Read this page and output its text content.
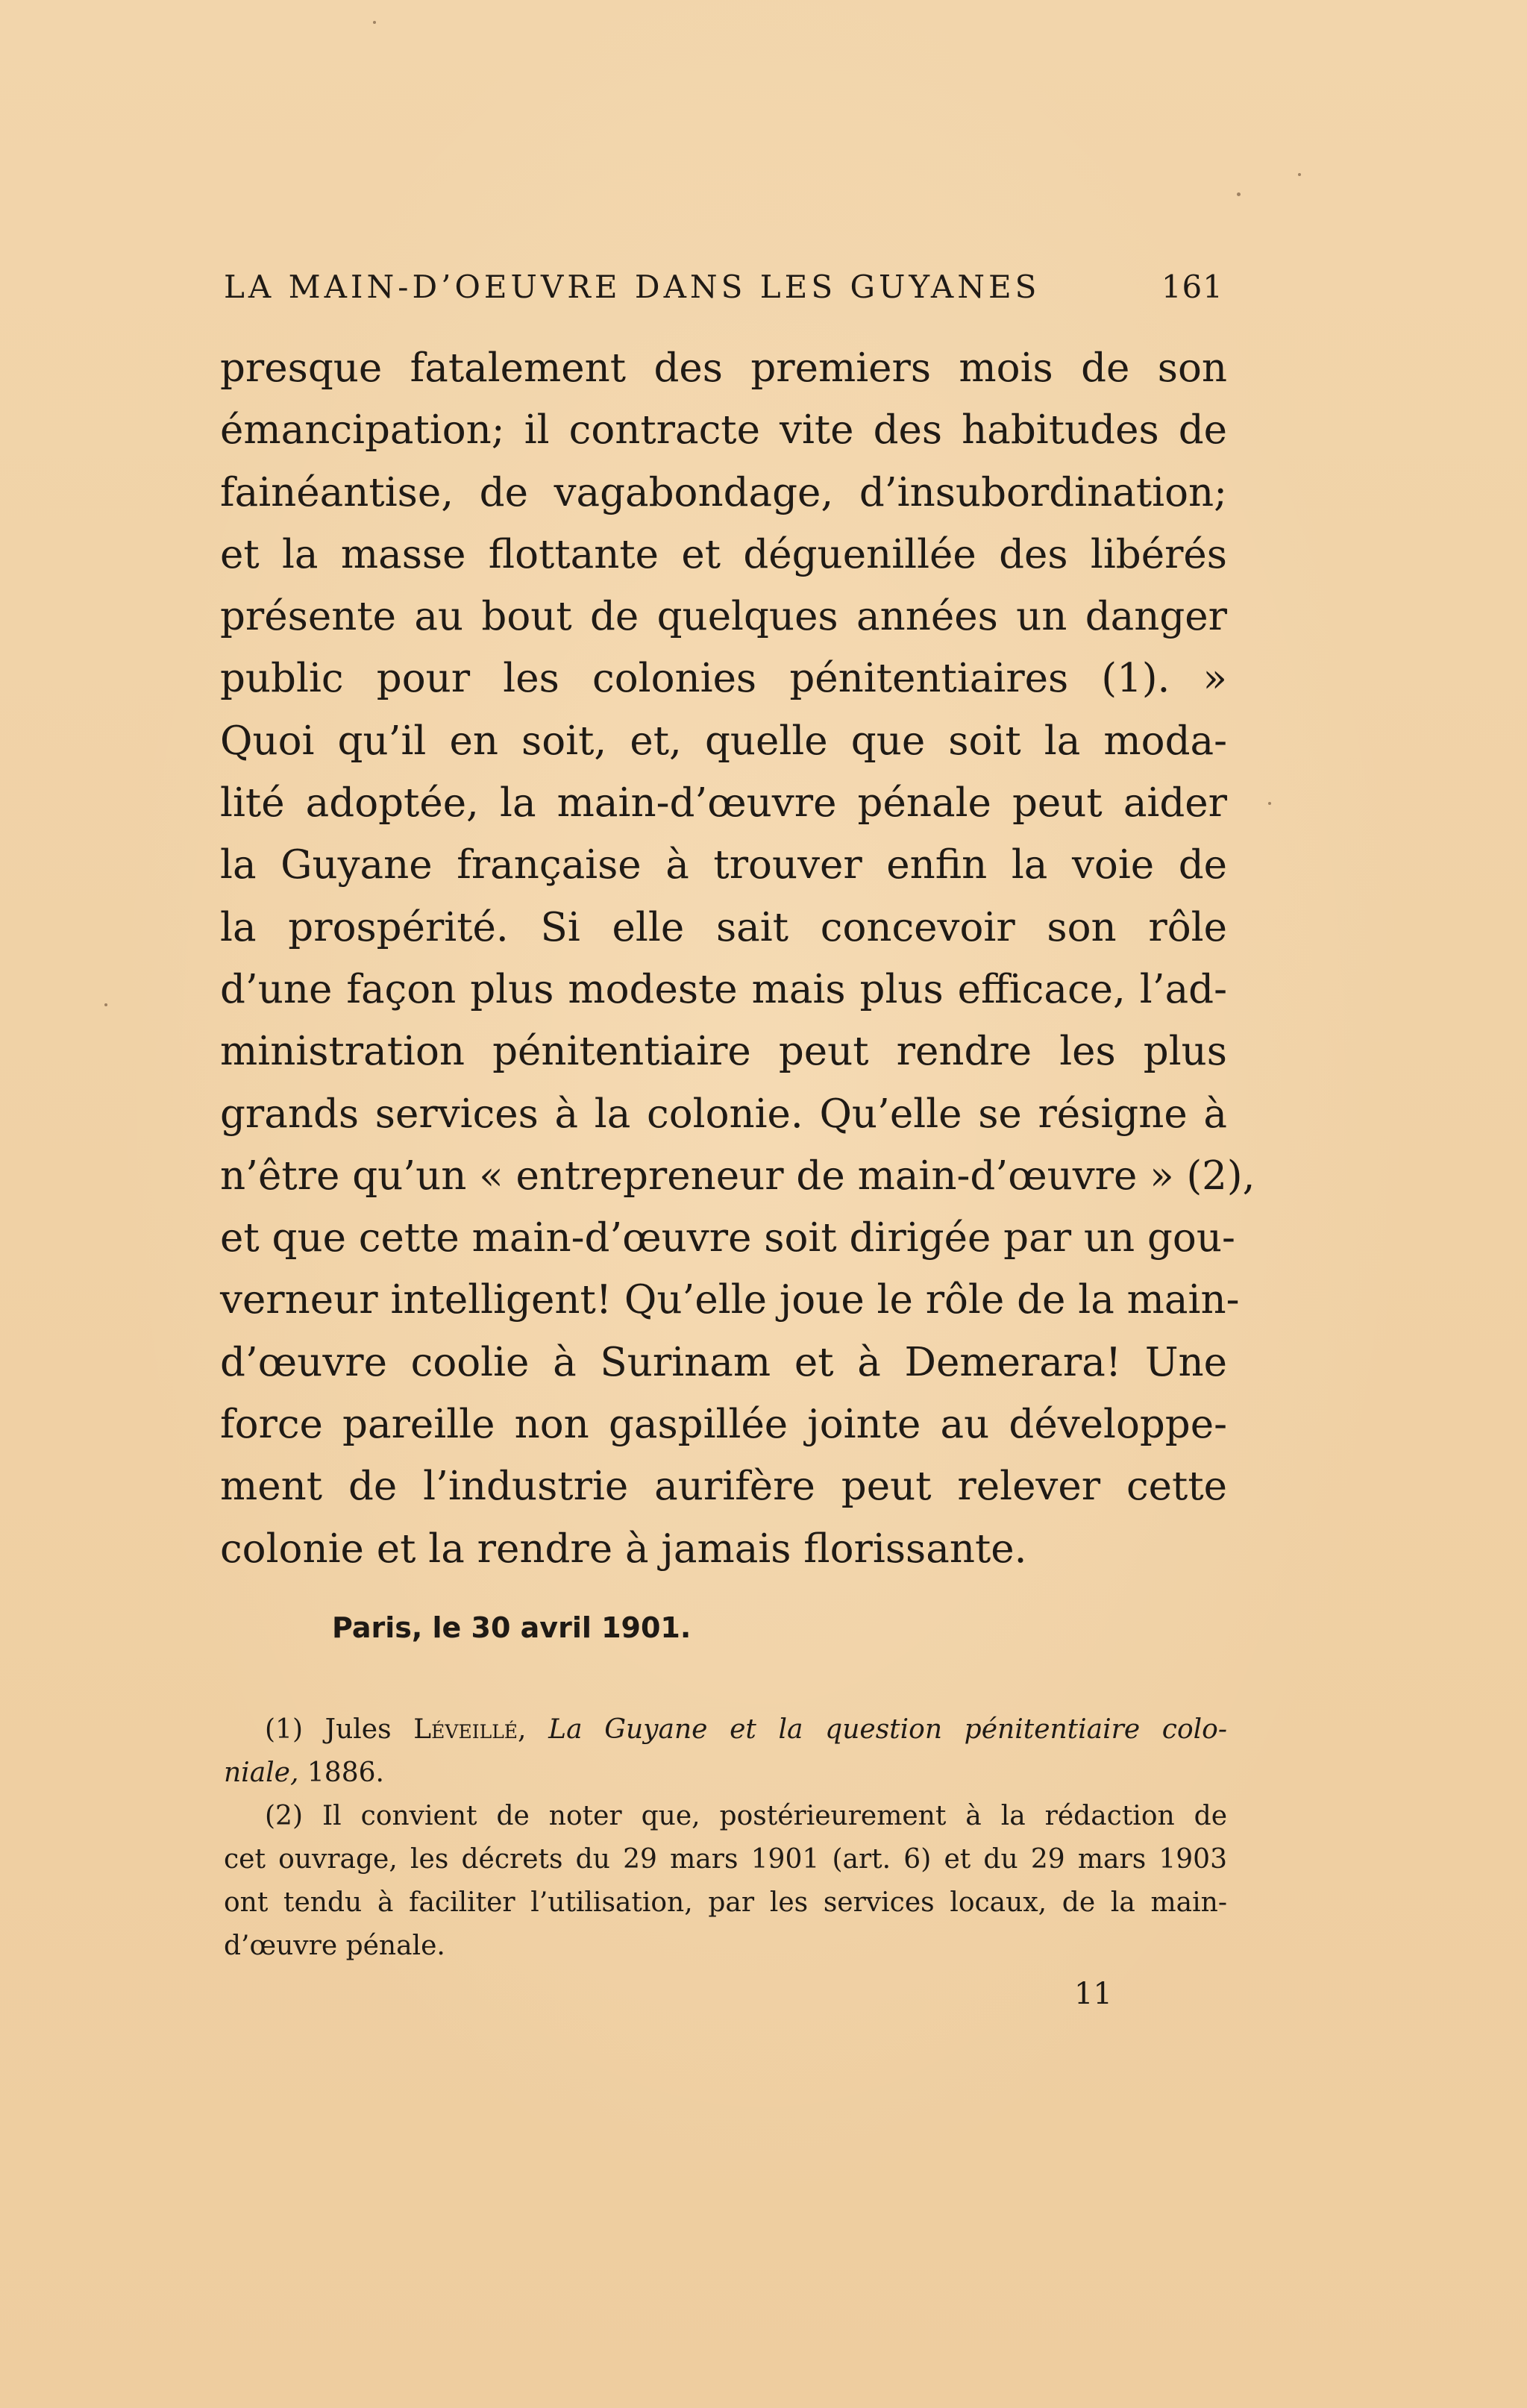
LA MAIN-D’OEUVRE DANS LES GUYANES	161
presque fatalement des premiers mois de son
émancipation; il contracte vite des habitudes de
fainéantise, de vagabondage, d’insubordination;
et la masse flottante et déguenillée des libérés
présente au bout de quelques années un danger
public pour les colonies pénitentiaires (1). »
Quoi qu’il en soit, et, quelle que soit la moda-
lité adoptée, la main-d’œuvre pénale peut aider
la Guyane française à trouver enfin la voie de
la prospérité. Si elle sait concevoir son rôle
d’une façon plus modeste mais plus efficace, l’ad-
ministration pénitentiaire peut rendre les plus
grands services à la colonie. Qu’elle se résigne à
n’être qu’un « entrepreneur de main-d’œuvre » (2),
et que cette main-d’œuvre soit dirigée par un gou-
verneur intelligent! Qu’elle joue le rôle de la main-
d’œuvre coolie à Surinam et à Demerara! Une
force pareille non gaspillée jointe au développe-
ment de l’industrie aurifère peut relever cette
colonie et la rendre à jamais florissante.
Paris, le 30 avril 1901.
(1) Jules Léveillé, La Guyane et la question pénitentiaire colo-
niale, 1886.
(2) Il convient de noter que, postérieurement à la rédaction de
cet ouvrage, les décrets du 29 mars 1901 (art. 6) et du 29 mars 1903
ont tendu à faciliter l’utilisation, par les services locaux, de la main-
d’œuvre pénale.
11
